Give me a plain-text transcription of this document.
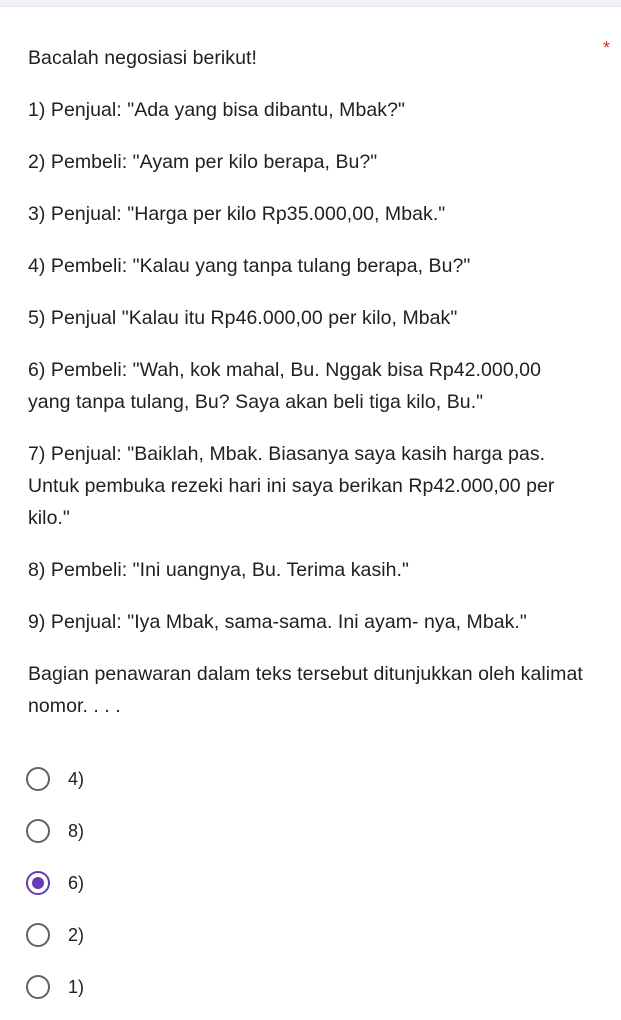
*

Bacalah negosiasi berikut!

1) Penjual: "Ada yang bisa dibantu, Mbak?"

2) Pembeli: "Ayam per kilo berapa, Bu?"

3) Penjual: "Harga per kilo Rp35.000,00, Mbak."

4) Pembeli: "Kalau yang tanpa tulang berapa, Bu?"

5) Penjual "Kalau itu Rp46.000,00 per kilo, Mbak"

6) Pembeli: "Wah, kok mahal, Bu. Nggak bisa Rp42.000,00 yang tanpa tulang, Bu? Saya akan beli tiga kilo, Bu."

7) Penjual: "Baiklah, Mbak. Biasanya saya kasih harga pas. Untuk pembuka rezeki hari ini saya berikan Rp42.000,00 per kilo."

8) Pembeli: "Ini uangnya, Bu. Terima kasih."

9) Penjual: "Iya Mbak, sama-sama. Ini ayam- nya, Mbak."

Bagian penawaran dalam teks tersebut ditunjukkan oleh kalimat nomor. . . .

4)
8)
6)
2)
1)
